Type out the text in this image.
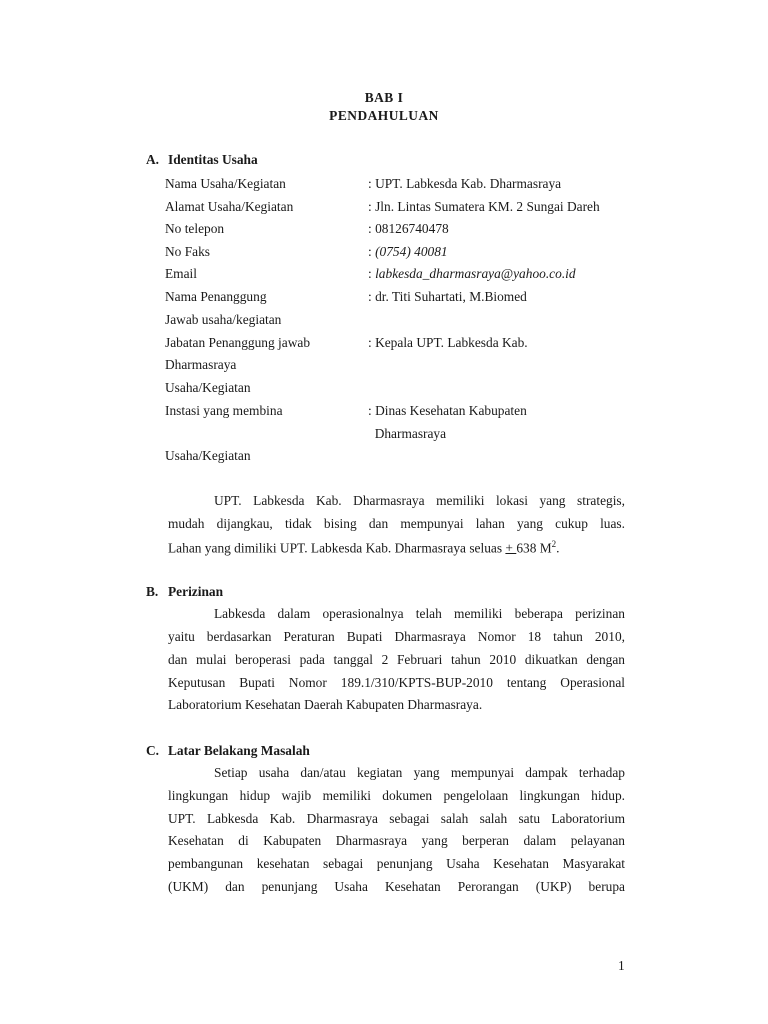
BAB I
PENDAHULUAN
A. Identitas Usaha
Nama Usaha/Kegiatan	: UPT. Labkesda Kab. Dharmasraya
Alamat Usaha/Kegiatan	: Jln. Lintas Sumatera KM. 2 Sungai Dareh
No telepon	: 08126740478
No Faks	: (0754) 40081
Email	: labkesda_dharmasraya@yahoo.co.id
Nama Penanggung	: dr. Titi Suhartati, M.Biomed
Jawab usaha/kegiatan
Jabatan Penanggung jawab	: Kepala UPT. Labkesda Kab.
Dharmasraya
Usaha/Kegiatan
Instasi yang membina	: Dinas Kesehatan Kabupaten
Dharmasraya
Usaha/Kegiatan
UPT. Labkesda Kab. Dharmasraya memiliki lokasi yang strategis,
mudah dijangkau, tidak bising dan mempunyai lahan yang cukup luas.
Lahan yang dimiliki UPT. Labkesda Kab. Dharmasraya seluas + 638 $M^2$.
B. Perizinan
Labkesda dalam operasionalnya telah memiliki beberapa perizinan
yaitu berdasarkan Peraturan Bupati Dharmasraya Nomor 18 tahun 2010,
dan mulai beroperasi pada tanggal 2 Februari tahun 2010 dikuatkan dengan
Keputusan Bupati Nomor 189.1/310/KPTS-BUP-2010 tentang Operasional
Laboratorium Kesehatan Daerah Kabupaten Dharmasraya.
C. Latar Belakang Masalah
Setiap usaha dan/atau kegiatan yang mempunyai dampak terhadap
lingkungan hidup wajib memiliki dokumen pengelolaan lingkungan hidup.
UPT. Labkesda Kab. Dharmasraya sebagai salah salah satu Laboratorium
Kesehatan di Kabupaten Dharmasraya yang berperan dalam pelayanan
pembangunan kesehatan sebagai penunjang Usaha Kesehatan Masyarakat
(UKM) dan penunjang Usaha Kesehatan Perorangan (UKP) berupa
1
